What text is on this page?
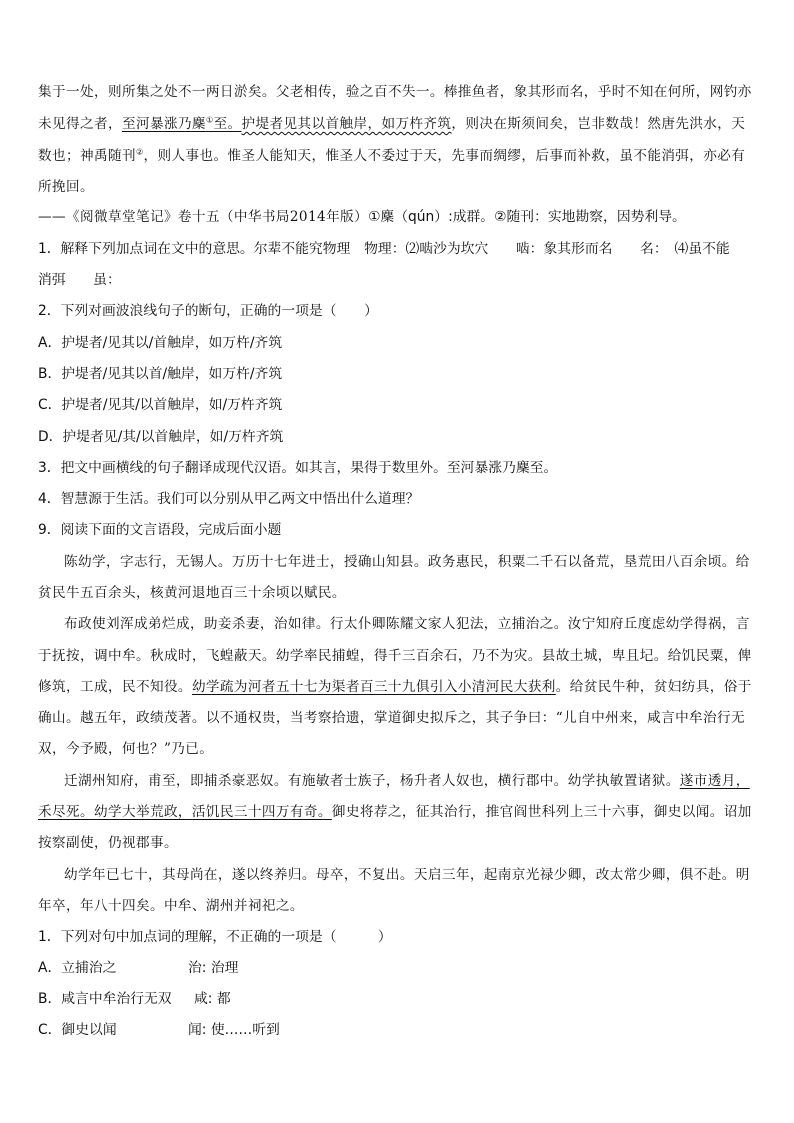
集于一处，则所集之处不一两日淤矣。父老相传，验之百不失一。棒推鱼者，象其形而名，乎时不知在何所，网钓亦
未见得之者，至河暴涨乃麇①至。护堤者见其以首触岸，如万杵齐筑，则决在斯须间矣，岂非数哉！然唐先洪水，天
数也；神禹随刊②，则人事也。惟圣人能知天，惟圣人不委过于天，先事而绸缪，后事而补救，虽不能消弭，亦必有
所挽回。
——《阅微草堂笔记》卷十五（中华书局2014年版）①麇（qún）:成群。②随刊：实地勘察，因势利导。
1．解释下列加点词在文中的意思。尔辈不能究物理　物理：⑵啮沙为坎穴　　啮：象其形而名　　名：　⑷虽不能
消弭　　虽：
2．下列对画波浪线句子的断句，正确的一项是（　　）
A．护堤者/见其以/首触岸，如万杵/齐筑
B．护堤者/见其以首/触岸，如万杵/齐筑
C．护堤者/见其/以首触岸，如/万杵齐筑
D．护堤者见/其/以首触岸，如/万杵齐筑
3．把文中画横线的句子翻译成现代汉语。如其言，果得于数里外。至河暴涨乃麇至。
4．智慧源于生活。我们可以分别从甲乙两文中悟出什么道理？
9．阅读下面的文言语段，完成后面小题
陈幼学，字志行，无锡人。万历十七年进士，授确山知县。政务惠民，积粟二千石以备荒，垦荒田八百余顷。给
贫民牛五百余头，核黄河退地百三十余顷以赋民。
布政使刘浑成弟烂成，助妾杀妻，治如律。行太仆卿陈耀文家人犯法，立捕治之。汝宁知府丘度虑幼学得祸，言
于抚按，调中牟。秋成时，飞蝗蔽天。幼学率民捕蝗，得千三百余石，乃不为灾。县故土城，卑且圮。给饥民粟，俾
修筑，工成，民不知役。幼学疏为河者五十七为渠者百三十九俱引入小清河民大获利。给贫民牛种，贫妇纺具，俗于
确山。越五年，政绩茂著。以不通权贵，当考察拾遗，掌道御史拟斥之，其子争曰：“儿自中州来，咸言中牟治行无
双，今予殿，何也？”乃已。
迁湖州知府，甫至，即捕杀豪恶奴。有施敏者士族子，杨升者人奴也，横行郡中。幼学执敏置诸狱。遂市透月，
禾尽死。幼学大举荒政，活饥民三十四万有奇。御史将荐之，征其治行，推官阎世科列上三十六事，御史以闻。诏加
按察副使，仍视郡事。
幼学年已七十，其母尚在，遂以终养归。母卒，不复出。天启三年，起南京光禄少卿，改太常少卿，俱不赴。明
年卒，年八十四矣。中牟、湖州并祠祀之。
1．下列对句中加点词的理解，不正确的一项是（　　　）
A．立捕治之	治: 治理
B．咸言中牟治行无双 咸: 都
C．御史以闻	闻: 使……听到
